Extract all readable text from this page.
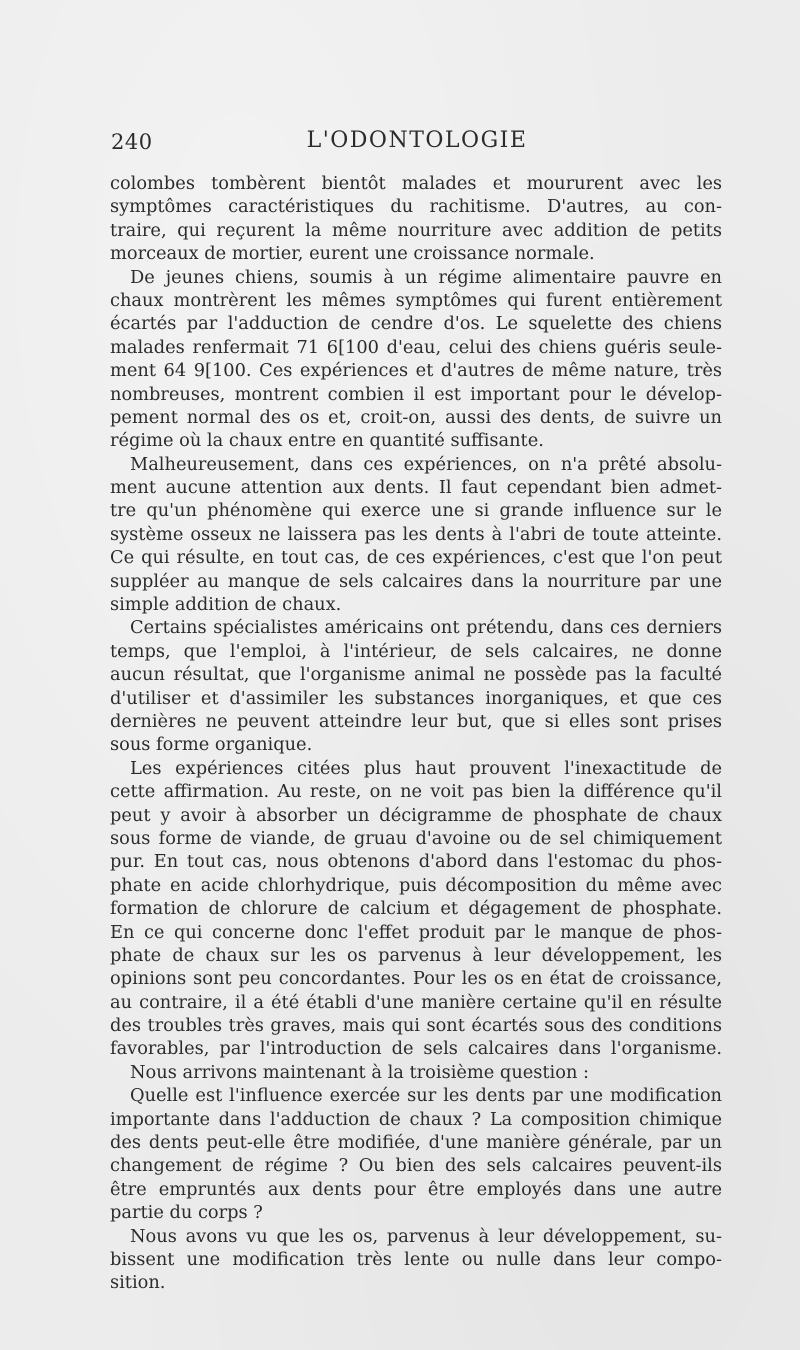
240	L'ODONTOLOGIE
colombes tombèrent bientôt malades et moururent avec les
symptômes caractéristiques du rachitisme. D'autres, au con-
traire, qui reçurent la même nourriture avec addition de petits
morceaux de mortier, eurent une croissance normale.
De jeunes chiens, soumis à un régime alimentaire pauvre en
chaux montrèrent les mêmes symptômes qui furent entièrement
écartés par l'adduction de cendre d'os. Le squelette des chiens
malades renfermait 71 6[100 d'eau, celui des chiens guéris seule-
ment 64 9[100. Ces expériences et d'autres de même nature, très
nombreuses, montrent combien il est important pour le dévelop-
pement normal des os et, croit-on, aussi des dents, de suivre un
régime où la chaux entre en quantité suffisante.
Malheureusement, dans ces expériences, on n'a prêté absolu-
ment aucune attention aux dents. Il faut cependant bien admet-
tre qu'un phénomène qui exerce une si grande influence sur le
système osseux ne laissera pas les dents à l'abri de toute atteinte.
Ce qui résulte, en tout cas, de ces expériences, c'est que l'on peut
suppléer au manque de sels calcaires dans la nourriture par une
simple addition de chaux.
Certains spécialistes américains ont prétendu, dans ces derniers
temps, que l'emploi, à l'intérieur, de sels calcaires, ne donne
aucun résultat, que l'organisme animal ne possède pas la faculté
d'utiliser et d'assimiler les substances inorganiques, et que ces
dernières ne peuvent atteindre leur but, que si elles sont prises
sous forme organique.
Les expériences citées plus haut prouvent l'inexactitude de
cette affirmation. Au reste, on ne voit pas bien la différence qu'il
peut y avoir à absorber un décigramme de phosphate de chaux
sous forme de viande, de gruau d'avoine ou de sel chimiquement
pur. En tout cas, nous obtenons d'abord dans l'estomac du phos-
phate en acide chlorhydrique, puis décomposition du même avec
formation de chlorure de calcium et dégagement de phosphate.
En ce qui concerne donc l'effet produit par le manque de phos-
phate de chaux sur les os parvenus à leur développement, les
opinions sont peu concordantes. Pour les os en état de croissance,
au contraire, il a été établi d'une manière certaine qu'il en résulte
des troubles très graves, mais qui sont écartés sous des conditions
favorables, par l'introduction de sels calcaires dans l'organisme.
Nous arrivons maintenant à la troisième question :
Quelle est l'influence exercée sur les dents par une modification
importante dans l'adduction de chaux ? La composition chimique
des dents peut-elle être modifiée, d'une manière générale, par un
changement de régime ? Ou bien des sels calcaires peuvent-ils
être empruntés aux dents pour être employés dans une autre
partie du corps ?
Nous avons vu que les os, parvenus à leur développement, su-
bissent une modification très lente ou nulle dans leur compo-
sition.
